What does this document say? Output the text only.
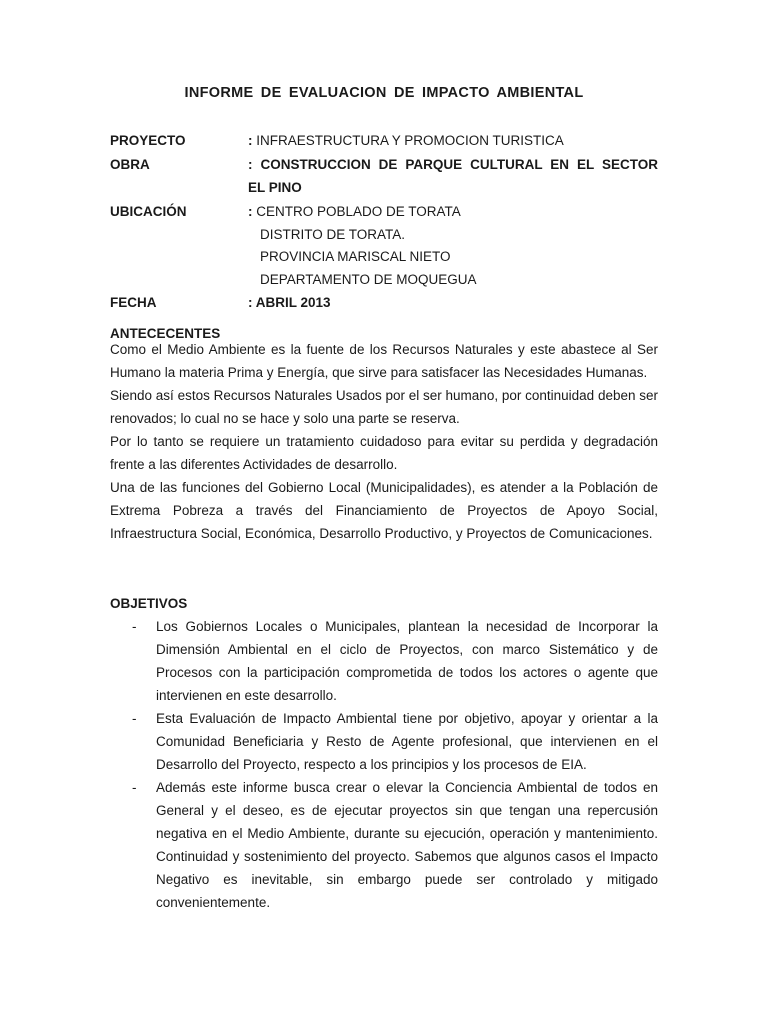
INFORME DE EVALUACION DE IMPACTO AMBIENTAL
PROYECTO	: INFRAESTRUCTURA Y PROMOCION TURISTICA
OBRA	: CONSTRUCCION DE PARQUE CULTURAL EN EL SECTOR
EL PINO
UBICACIÓN	: CENTRO POBLADO DE TORATA
DISTRITO DE TORATA.
PROVINCIA MARISCAL NIETO
DEPARTAMENTO DE MOQUEGUA
FECHA	: ABRIL 2013
ANTECECENTES
Como el Medio Ambiente es la fuente de los Recursos Naturales y este abastece al Ser Humano la materia Prima y Energía, que sirve para satisfacer las Necesidades Humanas.
Siendo así estos Recursos Naturales Usados por el ser humano, por continuidad deben ser renovados; lo cual no se hace y solo una parte se reserva.
Por lo tanto se requiere un tratamiento cuidadoso para evitar su perdida y degradación frente a las diferentes Actividades de desarrollo.
Una de las funciones del Gobierno Local (Municipalidades), es atender a la Población de Extrema Pobreza a través del Financiamiento de Proyectos de Apoyo Social, Infraestructura Social, Económica, Desarrollo Productivo, y Proyectos de Comunicaciones.
OBJETIVOS
- Los Gobiernos Locales o Municipales, plantean la necesidad de Incorporar la Dimensión Ambiental en el ciclo de Proyectos, con marco Sistemático y de Procesos con la participación comprometida de todos los actores o agente que intervienen en este desarrollo.
- Esta Evaluación de Impacto Ambiental tiene por objetivo, apoyar y orientar a la Comunidad Beneficiaria y Resto de Agente profesional, que intervienen en el Desarrollo del Proyecto, respecto a los principios y los procesos de EIA.
- Además este informe busca crear o elevar la Conciencia Ambiental de todos en General y el deseo, es de ejecutar proyectos sin que tengan una repercusión negativa en el Medio Ambiente, durante su ejecución, operación y mantenimiento. Continuidad y sostenimiento del proyecto. Sabemos que algunos casos el Impacto Negativo es inevitable, sin embargo puede ser controlado y mitigado convenientemente.
